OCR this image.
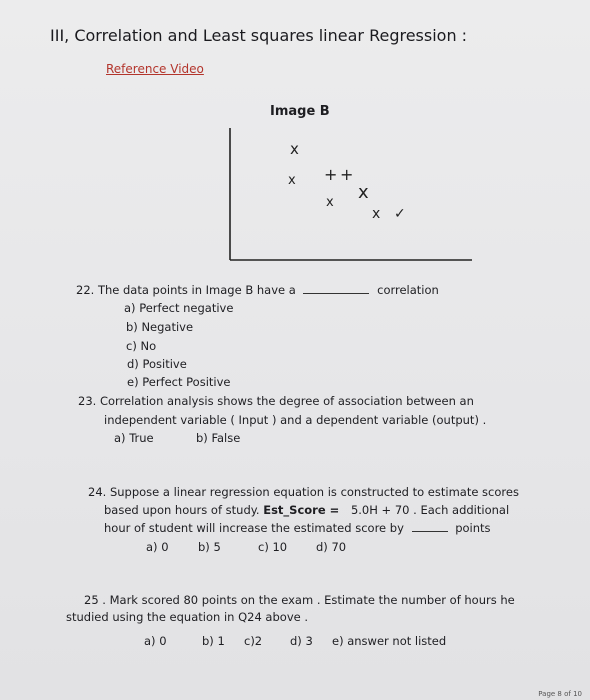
III, Correlation and Least squares linear Regression :
Reference Video
Image B
x
x + +
x x
x ✓
22. The data points in Image B have a	correlation
a) Perfect negative
b) Negative
c) No
d) Positive
e) Perfect Positive
23. Correlation analysis shows the degree of association between an
independent variable ( Input ) and a dependent variable (output) .
a) True	b) False
24. Suppose a linear regression equation is constructed to estimate scores
based upon hours of study. Est_Score = 5.0H + 70 . Each additional
hour of student will increase the estimated score by	points
a) 0	b) 5	c) 10	d) 70
25 . Mark scored 80 points on the exam . Estimate the number of hours he
studied using the equation in Q24 above .
a) 0	b) 1 c)2 d) 3 e) answer not listed
Page 8 of 10
